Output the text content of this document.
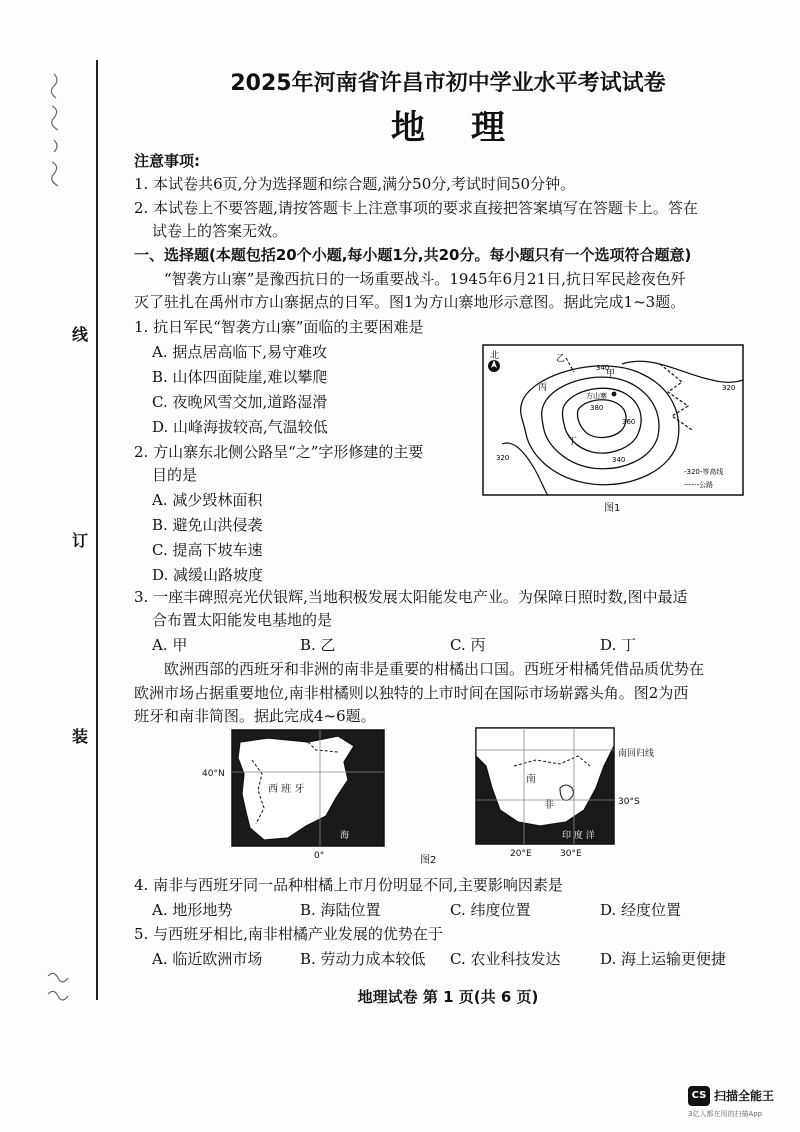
线
订
装
2025年河南省许昌市初中学业水平考试试卷
地理
注意事项:
1. 本试卷共6页,分为选择题和综合题,满分50分,考试时间50分钟。
2. 本试卷上不要答题,请按答题卡上注意事项的要求直接把答案填写在答题卡上。答在
试卷上的答案无效。
一、选择题(本题包括20个小题,每小题1分,共20分。每小题只有一个选项符合题意)
“智袭方山寨”是豫西抗日的一场重要战斗。1945年6月21日,抗日军民趁夜色歼
灭了驻扎在禹州市方山寨据点的日军。图1为方山寨地形示意图。据此完成1~3题。
1. 抗日军民“智袭方山寨”面临的主要困难是
A. 据点居高临下,易守难攻
B. 山体四面陡崖,难以攀爬
C. 夜晚风雪交加,道路湿滑
D. 山峰海拔较高,气温较低
2. 方山寨东北侧公路呈“之”字形修建的主要
目的是
A. 减少毁林面积
B. 避免山洪侵袭
C. 提高下坡车速
D. 减缓山路坡度
北
甲
乙
丙
丁
方山寨
320
320
340
340
380
360
-320-等高线
------公路
图1
3. 一座丰碑照亮光伏银辉,当地积极发展太阳能发电产业。为保障日照时数,图中最适
合布置太阳能发电基地的是
A. 甲	B. 乙	C. 丙	D. 丁
欧洲西部的西班牙和非洲的南非是重要的柑橘出口国。西班牙柑橘凭借品质优势在
欧洲市场占据重要地位,南非柑橘则以独特的上市时间在国际市场崭露头角。图2为西
班牙和南非简图。据此完成4~6题。
40°N
西 班 牙
海
0°	图2
南回归线
30°S
南
非
印 度 洋
20°E	30°E
4. 南非与西班牙同一品种柑橘上市月份明显不同,主要影响因素是
A. 地形地势	B. 海陆位置	C. 纬度位置	D. 经度位置
5. 与西班牙相比,南非柑橘产业发展的优势在于
A. 临近欧洲市场	B. 劳动力成本较低 C. 农业科技发达	D. 海上运输更便捷
地理试卷 第 1 页(共 6 页)
CS 扫描全能王
3亿人都在用的扫描App
